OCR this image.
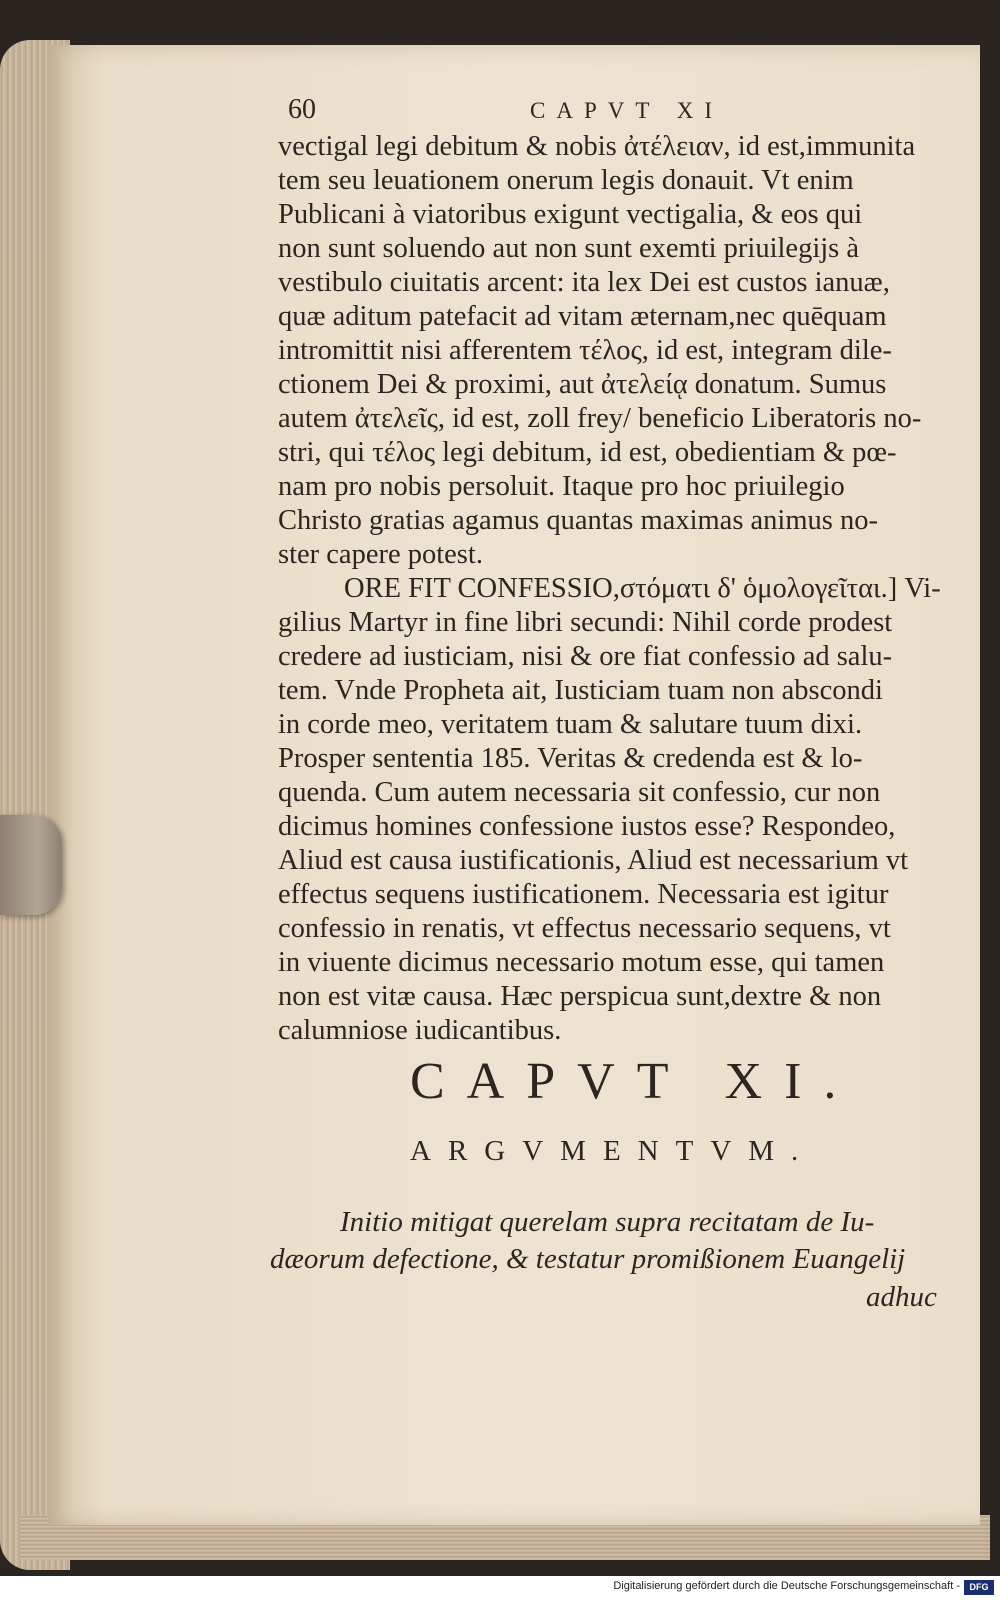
60	CAPVT XI
vectigal legi debitum & nobis ἀτέλειαν, id est,immunita
tem seu leuationem onerum legis donauit. Vt enim
Publicani à viatoribus exigunt vectigalia, & eos qui
non sunt soluendo aut non sunt exemti priuilegijs à
vestibulo ciuitatis arcent: ita lex Dei est custos ianuæ,
quæ aditum patefacit ad vitam æternam,nec quēquam
intromittit nisi afferentem τέλος, id est, integram dile-
ctionem Dei & proximi, aut ἀτελείᾳ donatum. Sumus
autem ἀτελεῖς, id est, zoll frey/ beneficio Liberatoris no-
stri, qui τέλος legi debitum, id est, obedientiam & pœ-
nam pro nobis persoluit. Itaque pro hoc priuilegio
Christo gratias agamus quantas maximas animus no-
ster capere potest.
ORE FIT CONFESSIO,στόματι δ' ὁμολογεῖται.] Vi-
gilius Martyr in fine libri secundi: Nihil corde prodest
credere ad iusticiam, nisi & ore fiat confessio ad salu-
tem. Vnde Propheta ait, Iusticiam tuam non abscondi
in corde meo, veritatem tuam & salutare tuum dixi.
Prosper sententia 185. Veritas & credenda est & lo-
quenda. Cum autem necessaria sit confessio, cur non
dicimus homines confessione iustos esse? Respondeo,
Aliud est causa iustificationis, Aliud est necessarium vt
effectus sequens iustificationem. Necessaria est igitur
confessio in renatis, vt effectus necessario sequens, vt
in viuente dicimus necessario motum esse, qui tamen
non est vitæ causa. Hæc perspicua sunt,dextre & non
calumniose iudicantibus.
CAPVT XI.
ARGVMENTVM.
Initio mitigat querelam supra recitatam de Iu-
dæorum defectione, & testatur promißionem Euangelij
adhuc
Digitalisierung gefördert durch die Deutsche Forschungsgemeinschaft -	DFG
